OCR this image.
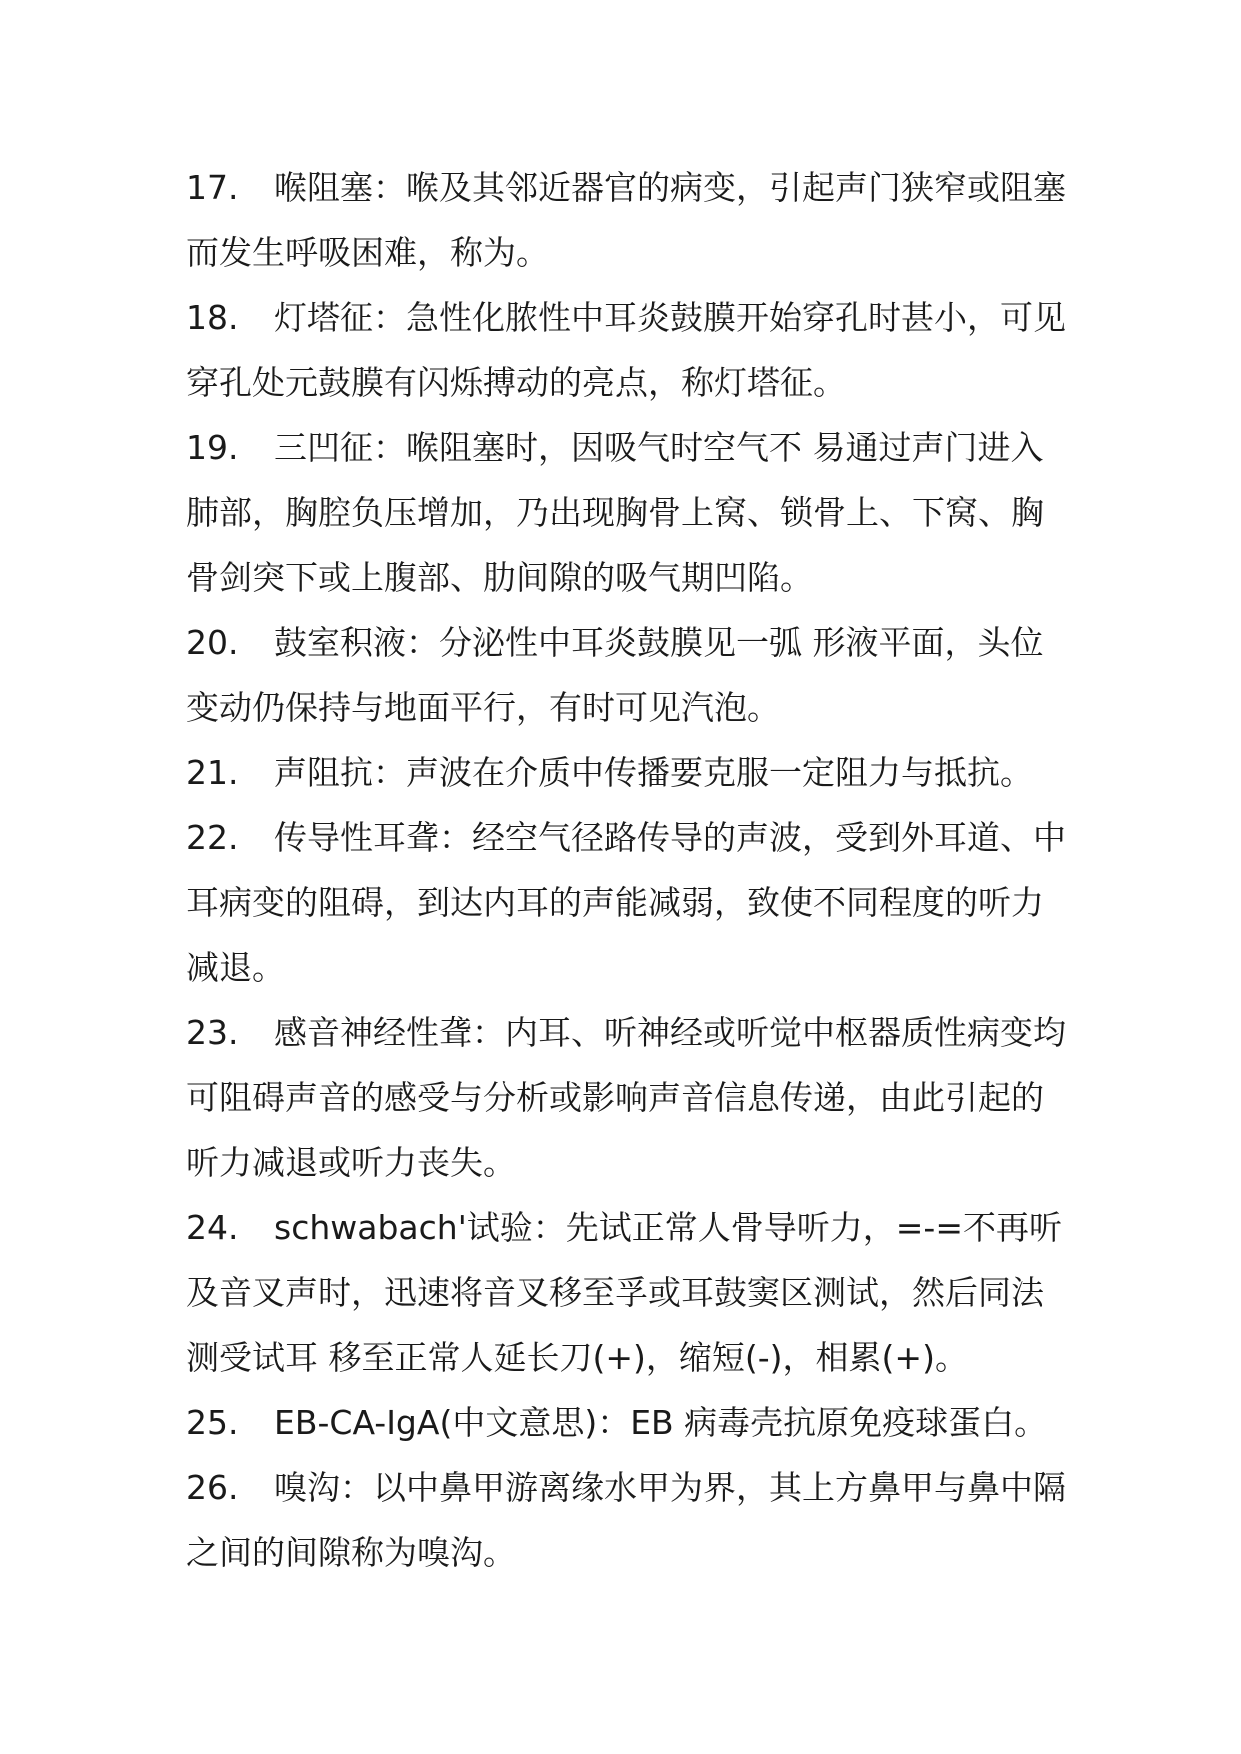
17. 喉阻塞：喉及其邻近器官的病变，引起声门狭窄或阻塞而发生呼吸困难，称为。

18. 灯塔征：急性化脓性中耳炎鼓膜开始穿孔时甚小，可见穿孔处元鼓膜有闪烁搏动的亮点，称灯塔征。

19. 三凹征：喉阻塞时，因吸气时空气不 易通过声门进入肺部，胸腔负压增加，乃出现胸骨上窝、锁骨上、下窝、胸骨剑突下或上腹部、肋间隙的吸气期凹陷。

20. 鼓室积液：分泌性中耳炎鼓膜见一弧 形液平面，头位变动仍保持与地面平行，有时可见汽泡。

21. 声阻抗：声波在介质中传播要克服一定阻力与抵抗。

22. 传导性耳聋：经空气径路传导的声波，受到外耳道、中耳病变的阻碍，到达内耳的声能减弱，致使不同程度的听力减退。

23. 感音神经性聋：内耳、听神经或听觉中枢器质性病变均可阻碍声音的感受与分析或影响声音信息传递，由此引起的听力减退或听力丧失。

24. schwabach'试验：先试正常人骨导听力，=-=不再听及音叉声时，迅速将音叉移至孚或耳鼓窦区测试，然后同法测受试耳 移至正常人延长刀(+)，缩短(-)，相累(+)。

25. EB-CA-IgA(中文意思)：EB 病毒壳抗原免疫球蛋白。

26. 嗅沟：以中鼻甲游离缘水甲为界，其上方鼻甲与鼻中隔之间的间隙称为嗅沟。
